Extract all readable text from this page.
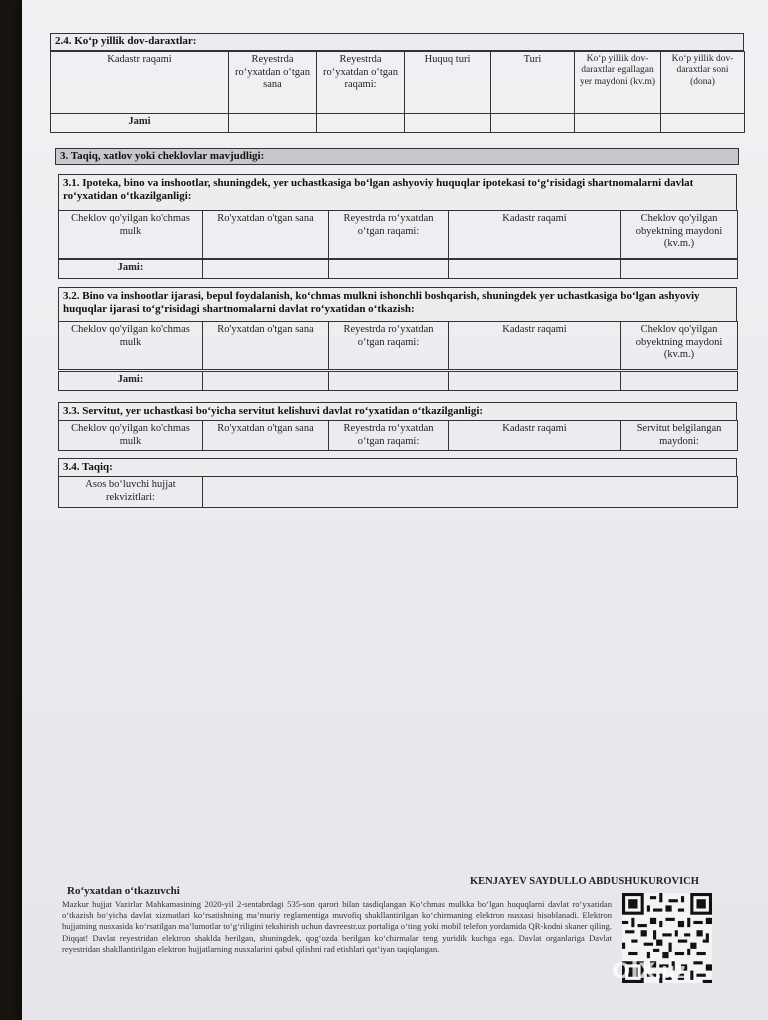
2.4. Ko‘p yillik dov-daraxtlar:
Kadastr raqami	Reyestrda ro‘yxatdan o‘tgan sana	Reyestrda ro‘yxatdan o‘tgan raqami:	Huquq turi	Turi	Ko‘p yillik dov-daraxtlar egallagan yer maydoni (kv.m)	Ko‘p yillik dov-daraxtlar soni (dona)
Jami						
3. Taqiq, xatlov yoki cheklovlar mavjudligi:
3.1. Ipoteka, bino va inshootlar, shuningdek, yer uchastkasiga bo‘lgan ashyoviy huquqlar ipotekasi to‘g‘risidagi shartnomalarni davlat ro‘yxatidan o‘tkazilganligi:
Cheklov qo'yilgan ko'chmas mulk	Ro'yxatdan o'tgan sana	Reyestrda ro‘yxatdan o‘tgan raqami:	Kadastr raqami	Cheklov qo'yilgan obyektning maydoni (kv.m.)
Jami:				
3.2. Bino va inshootlar ijarasi, bepul foydalanish, ko‘chmas mulkni ishonchli boshqarish, shuningdek yer uchastkasiga bo‘lgan ashyoviy huquqlar ijarasi to‘g‘risidagi shartnomalarni davlat ro‘yxatidan o‘tkazish:
Cheklov qo'yilgan ko'chmas mulk	Ro'yxatdan o'tgan sana	Reyestrda ro‘yxatdan o‘tgan raqami:	Kadastr raqami	Cheklov qo'yilgan obyektning maydoni (kv.m.)
Jami:				
3.3. Servitut, yer uchastkasi bo‘yicha servitut kelishuvi davlat ro‘yxatidan o‘tkazilganligi:
Cheklov qo'yilgan ko'chmas mulk	Ro'yxatdan o'tgan sana	Reyestrda ro‘yxatdan o‘tgan raqami:	Kadastr raqami	Servitut belgilangan maydoni:
3.4. Taqiq:
Asos bo‘luvchi hujjat rekvizitlari:	
KENJAYEV SAYDULLO ABDUSHUKUROVICH
Ro‘yxatdan o‘tkazuvchi
Mazkur hujjat Vazirlar Mahkamasining 2020-yil 2-sentabrdagi 535-son qarori bilan tasdiqlangan Ko‘chmas mulkka bo‘lgan huquqlarni davlat ro‘yxatidan o‘tkazish bo‘yicha davlat xizmatlari ko‘rsatishning ma’muriy reglamentiga muvofiq shakllantirilgan ko‘chirmaning elektron nusxasi hisoblanadi. Elektron hujjatning nusxasida ko‘rsatilgan ma’lumotlar to‘g‘riligini tekshirish uchun davreestr.uz portaliga o‘ting yoki mobil telefon yordamida QR-kodni skaner qiling. Diqqat! Davlat reyestridan elektron shaklda berilgan, shuningdek, qog‘ozda berilgan ko‘chirmalar teng yuridik kuchga ega. Davlat organlariga Davlat reyestridan shakllantirilgan elektron hujjatlarning nusxalarini qabul qilishni rad etishlari qat’iyan taqiqlangan.
olx.uz
